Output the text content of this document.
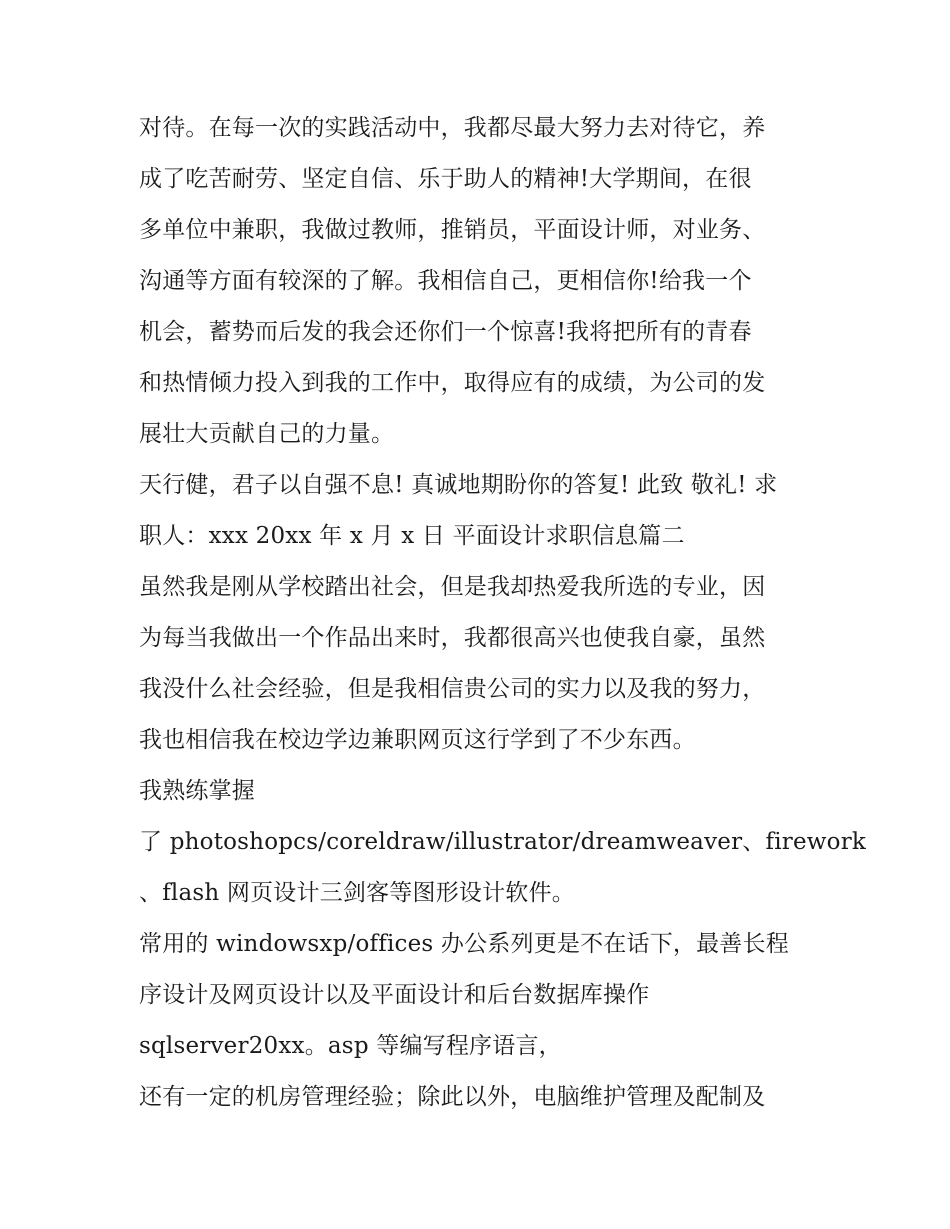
对待。在每一次的实践活动中，我都尽最大努力去对待它，养
成了吃苦耐劳、坚定自信、乐于助人的精神!大学期间，在很
多单位中兼职，我做过教师，推销员，平面设计师，对业务、
沟通等方面有较深的了解。我相信自己，更相信你!给我一个
机会，蓄势而后发的我会还你们一个惊喜!我将把所有的青春
和热情倾力投入到我的工作中，取得应有的成绩，为公司的发
展壮大贡献自己的力量。
天行健，君子以自强不息! 真诚地期盼你的答复! 此致 敬礼! 求
职人：xxx 20xx 年 x 月 x 日 平面设计求职信息篇二
虽然我是刚从学校踏出社会，但是我却热爱我所选的专业，因
为每当我做出一个作品出来时，我都很高兴也使我自豪，虽然
我没什么社会经验，但是我相信贵公司的实力以及我的努力，
我也相信我在校边学边兼职网页这行学到了不少东西。
我熟练掌握
了 photoshopcs/coreldraw/illustrator/dreamweaver、firework
、flash 网页设计三剑客等图形设计软件。
常用的 windowsxp/offices 办公系列更是不在话下，最善长程
序设计及网页设计以及平面设计和后台数据库操作
sqlserver20xx。asp 等编写程序语言，
还有一定的机房管理经验；除此以外，电脑维护管理及配制及
